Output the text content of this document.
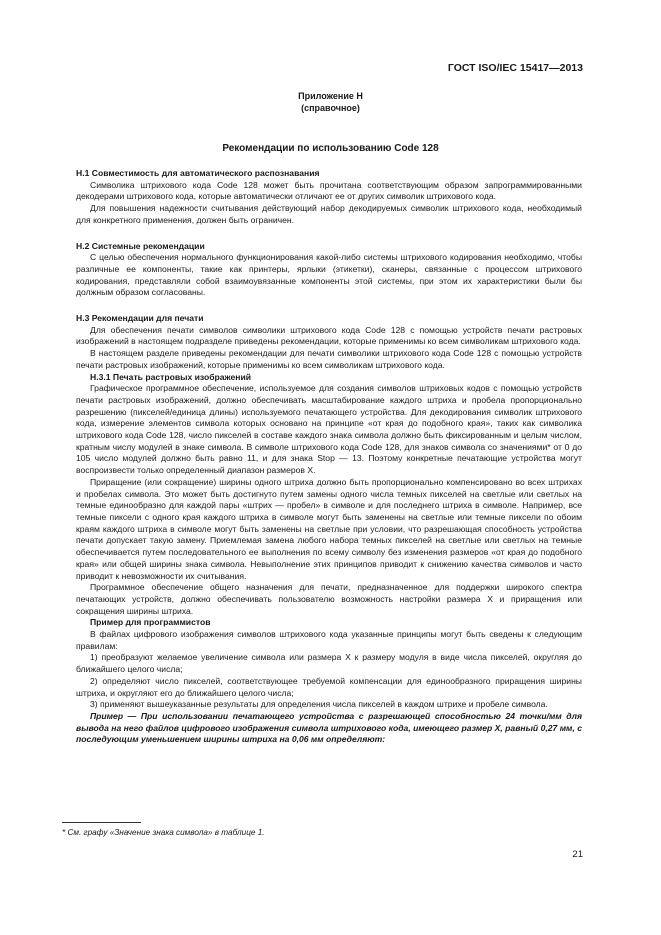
ГОСТ ISO/IEC 15417—2013
Приложение Н
(справочное)
Рекомендации по использованию Code 128
Н.1 Совместимость для автоматического распознавания

Символика штрихового кода Code 128 может быть прочитана соответствующим образом запрограммированными декодерами штрихового кода, которые автоматически отличают ее от других символик штрихового кода.

Для повышения надежности считывания действующий набор декодируемых символик штрихового кода, необходимый для конкретного применения, должен быть ограничен.

Н.2 Системные рекомендации

С целью обеспечения нормального функционирования какой-либо системы штрихового кодирования необходимо, чтобы различные ее компоненты, такие как принтеры, ярлыки (этикетки), сканеры, связанные с процессом штрихового кодирования, представляли собой взаимоувязанные компоненты этой системы, при этом их характеристики были бы должным образом согласованы.

Н.3 Рекомендации для печати

Для обеспечения печати символов символики штрихового кода Code 128 с помощью устройств печати растровых изображений в настоящем подразделе приведены рекомендации, которые применимы ко всем символикам штрихового кода.

В настоящем разделе приведены рекомендации для печати символики штрихового кода Code 128 с помощью устройств печати растровых изображений, которые применимы ко всем символикам штрихового кода.

Н.3.1 Печать растровых изображений

Графическое программное обеспечение, используемое для создания символов штриховых кодов с помощью устройств печати растровых изображений, должно обеспечивать масштабирование каждого штриха и пробела пропорционально разрешению (пикселей/единица длины) используемого печатающего устройства. Для декодирования символик штрихового кода, измерение элементов символа которых основано на принципе «от края до подобного края», таких как символика штрихового кода Code 128, число пикселей в составе каждого знака символа должно быть фиксированным и целым числом, кратным числу модулей в знаке символа. В символе штрихового кода Code 128, для знаков символа со значениями* от 0 до 105 число модулей должно быть равно 11, и для знака Stop — 13. Поэтому конкретные печатающие устройства могут воспроизвести только определенный диапазон размеров X.

Приращение (или сокращение) ширины одного штриха должно быть пропорционально компенсировано во всех штрихах и пробелах символа. Это может быть достигнуто путем замены одного числа темных пикселей на светлые или светлых на темные единообразно для каждой пары «штрих — пробел» в символе и для последнего штриха в символе. Например, все темные пиксели с одного края каждого штриха в символе могут быть заменены на светлые или темные пиксели по обоим краям каждого штриха в символе могут быть заменены на светлые при условии, что разрешающая способность устройства печати допускает такую замену. Приемлемая замена любого набора темных пикселей на светлые или светлых на темные обеспечивается путем последовательного ее выполнения по всему символу без изменения размеров «от края до подобного края» или общей ширины знака символа. Невыполнение этих принципов приводит к снижению качества символов и часто приводит к невозможности их считывания.

Программное обеспечение общего назначения для печати, предназначенное для поддержки широкого спектра печатающих устройств, должно обеспечивать пользователю возможность настройки размера X и приращения или сокращения ширины штриха.

Пример для программистов

В файлах цифрового изображения символов штрихового кода указанные принципы могут быть сведены к следующим правилам:

1) преобразуют желаемое увеличение символа или размера X к размеру модуля в виде числа пикселей, округляя до ближайшего целого числа;

2) определяют число пикселей, соответствующее требуемой компенсации для единообразного приращения ширины штриха, и округляют его до ближайшего целого числа;

3) применяют вышеуказанные результаты для определения числа пикселей в каждом штрихе и пробеле символа.

Пример — При использовании печатающего устройства с разрешающей способностью 24 точки/мм для вывода на него файлов цифрового изображения символа штрихового кода, имеющего размер X, равный 0,27 мм, с последующим уменьшением ширины штриха на 0,06 мм определяют:

* См. графу «Значение знака символа» в таблице 1.
21
